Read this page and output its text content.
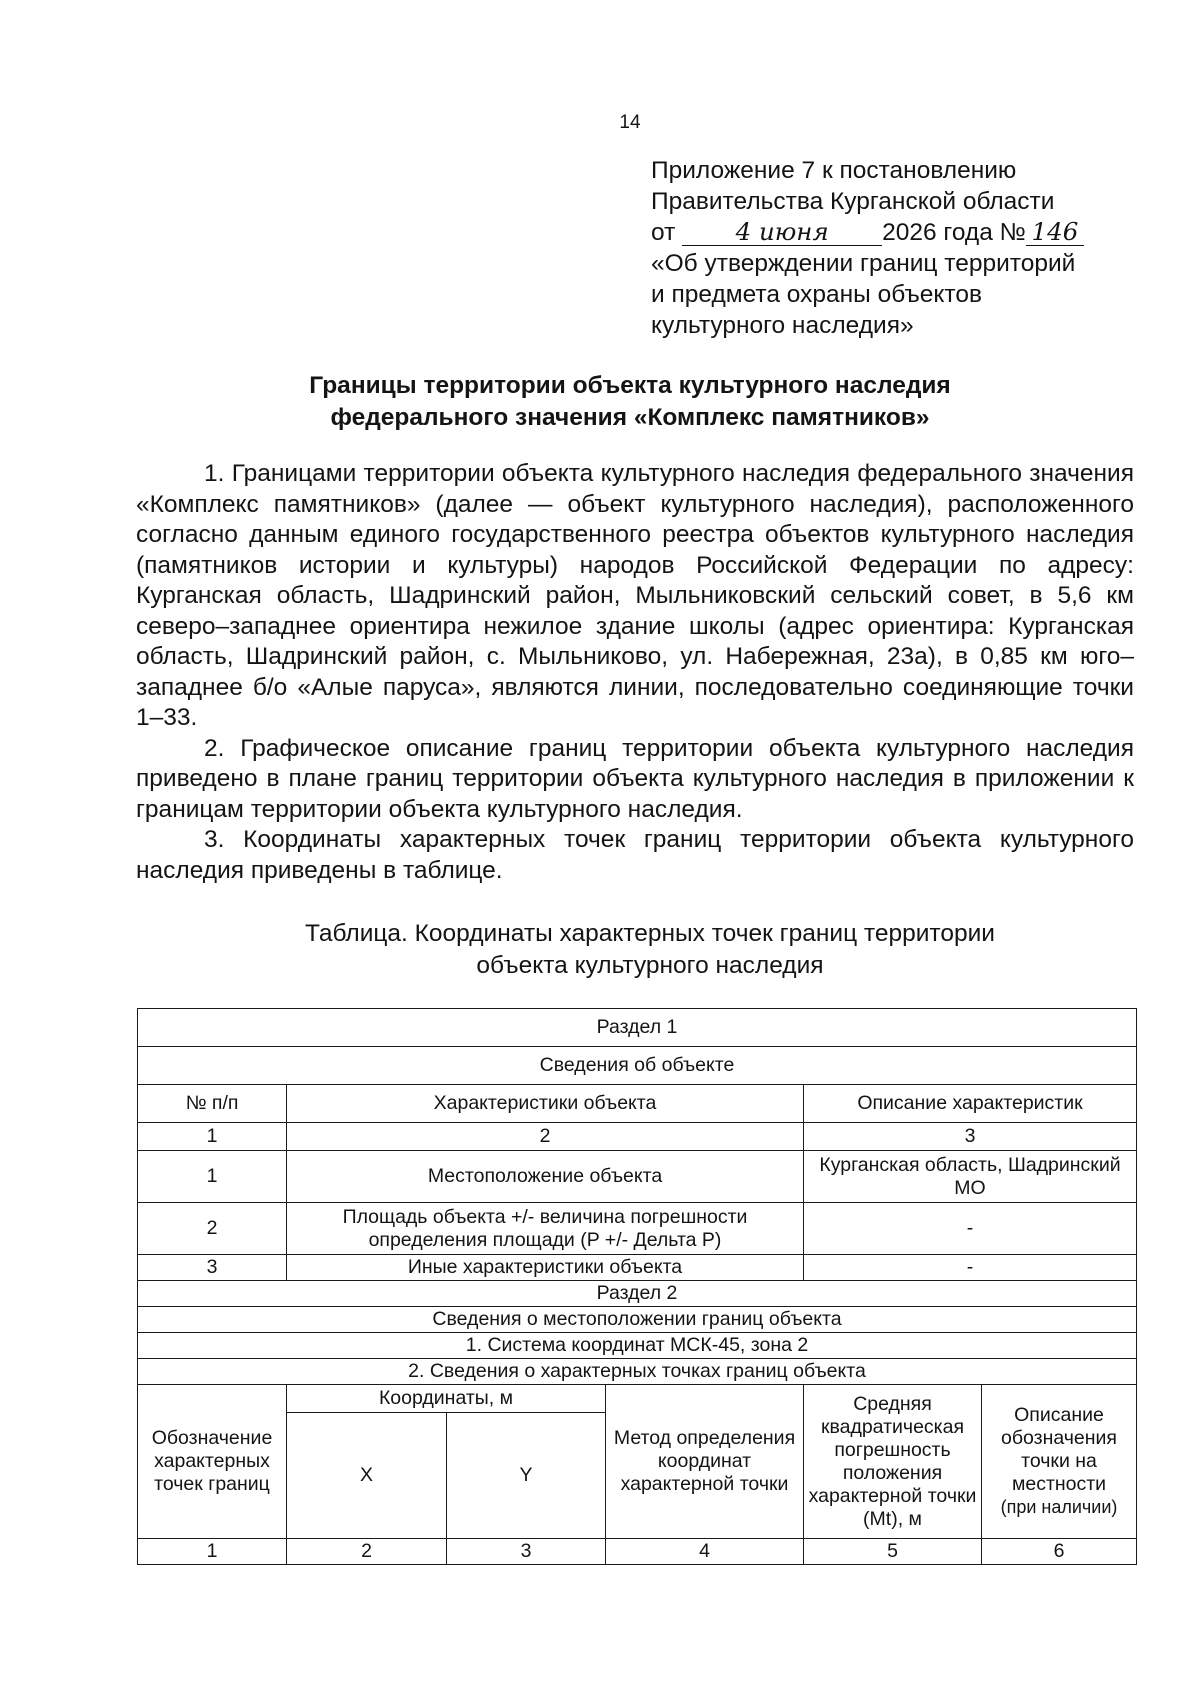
14
Приложение 7 к постановлению
Правительства Курганской области
от 4 июня 2026 года № 146
«Об утверждении границ территорий
и предмета охраны объектов
культурного наследия»
Границы территории объекта культурного наследия
федерального значения «Комплекс памятников»

1. Границами территории объекта культурного наследия федерального значения «Комплекс памятников» (далее — объект культурного наследия), расположенного согласно данным единого государственного реестра объектов культурного наследия (памятников истории и культуры) народов Российской Федерации по адресу: Курганская область, Шадринский район, Мыльниковский сельский совет, в 5,6 км северо–западнее ориентира нежилое здание школы (адрес ориентира: Курганская область, Шадринский район, с. Мыльниково, ул. Набережная, 23а), в 0,85 км юго–западнее б/о «Алые паруса», являются линии, последовательно соединяющие точки 1–33.

2. Графическое описание границ территории объекта культурного наследия приведено в плане границ территории объекта культурного наследия в приложении к границам территории объекта культурного наследия.

3. Координаты характерных точек границ территории объекта культурного наследия приведены в таблице.

Таблица. Координаты характерных точек границ территории
объекта культурного наследия
Раздел 1					
Сведения об объекте					
№ п/п	Характеристики объекта			Описание характеристик	
1	2			3	
1	Местоположение объекта			Курганская область, Шадринский МО	
2	Площадь объекта +/- величина погрешности определения площади (P +/- Дельта P)			-	
3	Иные характеристики объекта			-	
Раздел 2					
Сведения о местоположении границ объекта					
1. Система координат МСК-45, зона 2					
2. Сведения о характерных точках границ объекта					
Обозначение характерных точек границ	Координаты, м		Метод определения координат характерной точки	Средняя квадратическая погрешность положения характерной точки (Mt), м	Описание обозначения точки на местности
(при наличии)

	X	Y			
1	2	3	4	5	6
